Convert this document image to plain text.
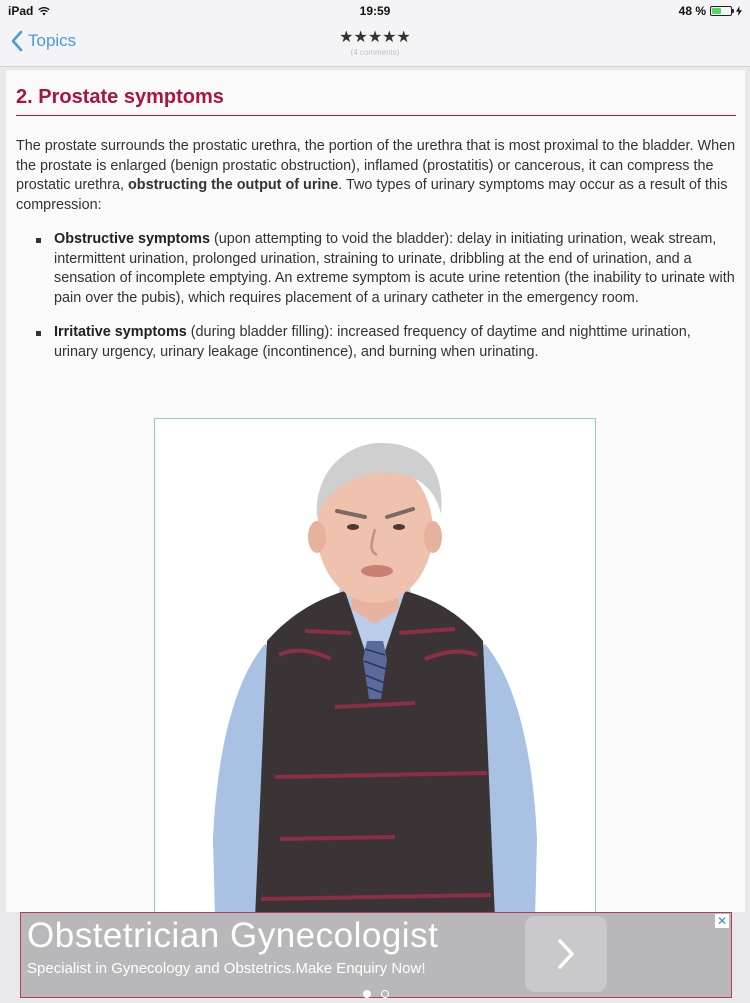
iPad	19:59	48 %
Topics	★★★★★
(4 comments)
2. Prostate symptoms

The prostate surrounds the prostatic urethra, the portion of the urethra that is most proximal to the bladder. When the prostate is enlarged (benign prostatic obstruction), inflamed (prostatitis) or cancerous, it can compress the prostatic urethra, obstructing the output of urine. Two types of urinary symptoms may occur as a result of this compression:

Obstructive symptoms (upon attempting to void the bladder): delay in initiating urination, weak stream, intermittent urination, prolonged urination, straining to urinate, dribbling at the end of urination, and a sensation of incomplete emptying. An extreme symptom is acute urine retention (the inability to urinate with pain over the pubis), which requires placement of a urinary catheter in the emergency room.
Irritative symptoms (during bladder filling): increased frequency of daytime and nighttime urination, urinary urgency, urinary leakage (incontinence), and burning when urinating.
Obstetrician Gynecologist
Specialist in Gynecology and Obstetrics.Make Enquiry Now!
✕
